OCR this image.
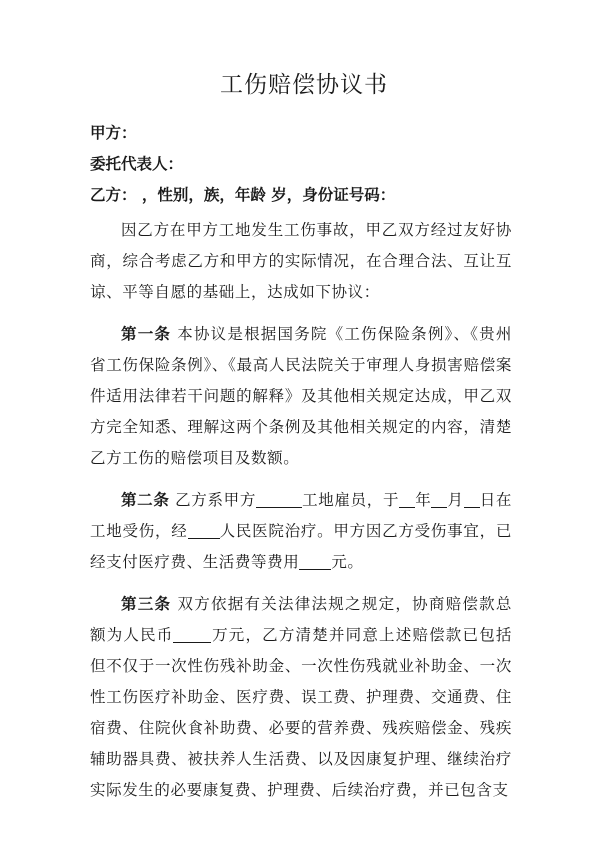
工伤赔偿协议书

甲方：

委托代表人：

乙方： ，性别，族，年龄 岁，身份证号码：

因乙方在甲方工地发生工伤事故，甲乙双方经过友好协商，综合考虑乙方和甲方的实际情况，在合理合法、互让互谅、平等自愿的基础上，达成如下协议：

第一条 本协议是根据国务院《工伤保险条例》、《贵州省工伤保险条例》、《最高人民法院关于审理人身损害赔偿案件适用法律若干问题的解释》及其他相关规定达成，甲乙双方完全知悉、理解这两个条例及其他相关规定的内容，清楚乙方工伤的赔偿项目及数额。

第二条 乙方系甲方	工地雇员，于 年 月 日在工地受伤，经 人民医院治疗。甲方因乙方受伤事宜，已经支付医疗费、生活费等费用 元。

第三条 双方依据有关法律法规之规定，协商赔偿款总额为人民币 万元，乙方清楚并同意上述赔偿款已包括但不仅于一次性伤残补助金、一次性伤残就业补助金、一次性工伤医疗补助金、医疗费、误工费、护理费、交通费、住宿费、住院伙食补助费、必要的营养费、残疾赔偿金、残疾辅助器具费、被扶养人生活费、以及因康复护理、继续治疗实际发生的必要康复费、护理费、后续治疗费，并已包含支
